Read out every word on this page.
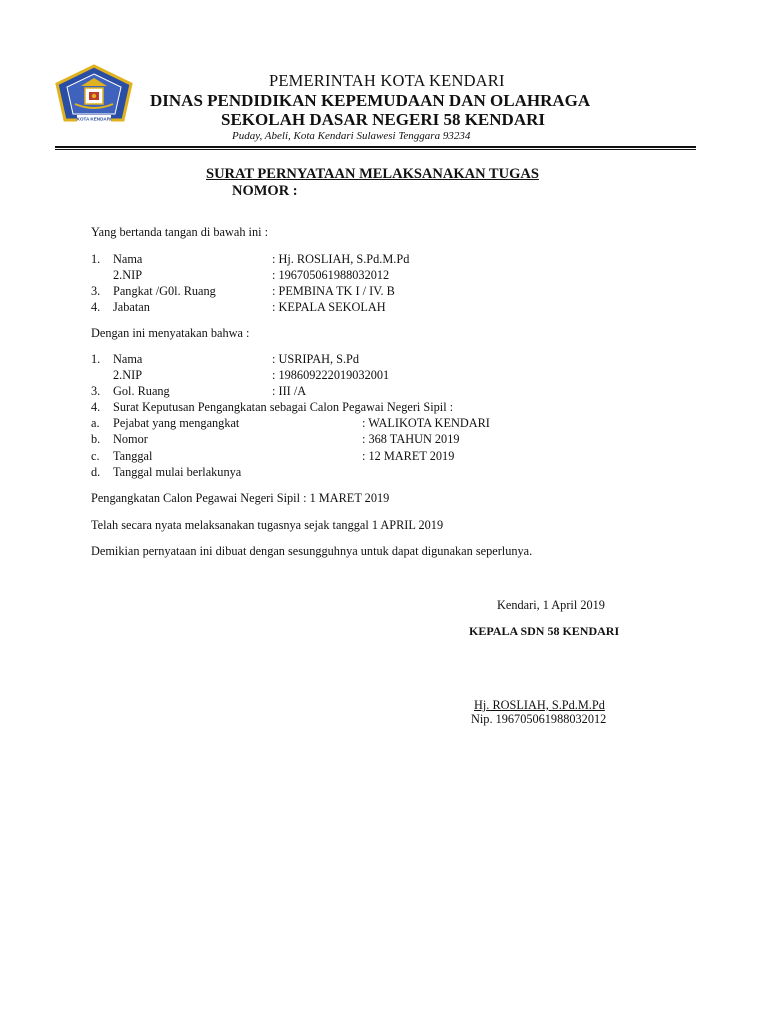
KOTA KENDARI
PEMERINTAH KOTA KENDARI
DINAS PENDIDIKAN KEPEMUDAAN DAN OLAHRAGA
SEKOLAH DASAR NEGERI 58 KENDARI
Puday, Abeli, Kota Kendari Sulawesi Tenggara 93234
SURAT PERNYATAAN MELAKSANAKAN TUGAS
NOMOR :
Yang bertanda tangan di bawah ini :
1. Nama	: Hj. ROSLIAH, S.Pd.M.Pd
2.NIP	: 196705061988032012
3. Pangkat /G0l. Ruang	: PEMBINA TK I / IV. B
4. Jabatan	: KEPALA SEKOLAH
Dengan ini menyatakan bahwa :
1. Nama	: USRIPAH, S.Pd
2.NIP	: 198609222019032001
3. Gol. Ruang	: III /A
4. Surat Keputusan Pengangkatan sebagai Calon Pegawai Negeri Sipil :
a. Pejabat yang mengangkat	: WALIKOTA KENDARI
b. Nomor	: 368 TAHUN 2019
c. Tanggal	: 12 MARET 2019
d. Tanggal mulai berlakunya
Pengangkatan Calon Pegawai Negeri Sipil : 1 MARET 2019
Telah secara nyata melaksanakan tugasnya sejak tanggal 1 APRIL 2019
Demikian pernyataan ini dibuat dengan sesungguhnya untuk dapat digunakan seperlunya.
Kendari, 1 April 2019
KEPALA SDN 58 KENDARI
Hj. ROSLIAH, S.Pd.M.Pd
Nip. 196705061988032012
